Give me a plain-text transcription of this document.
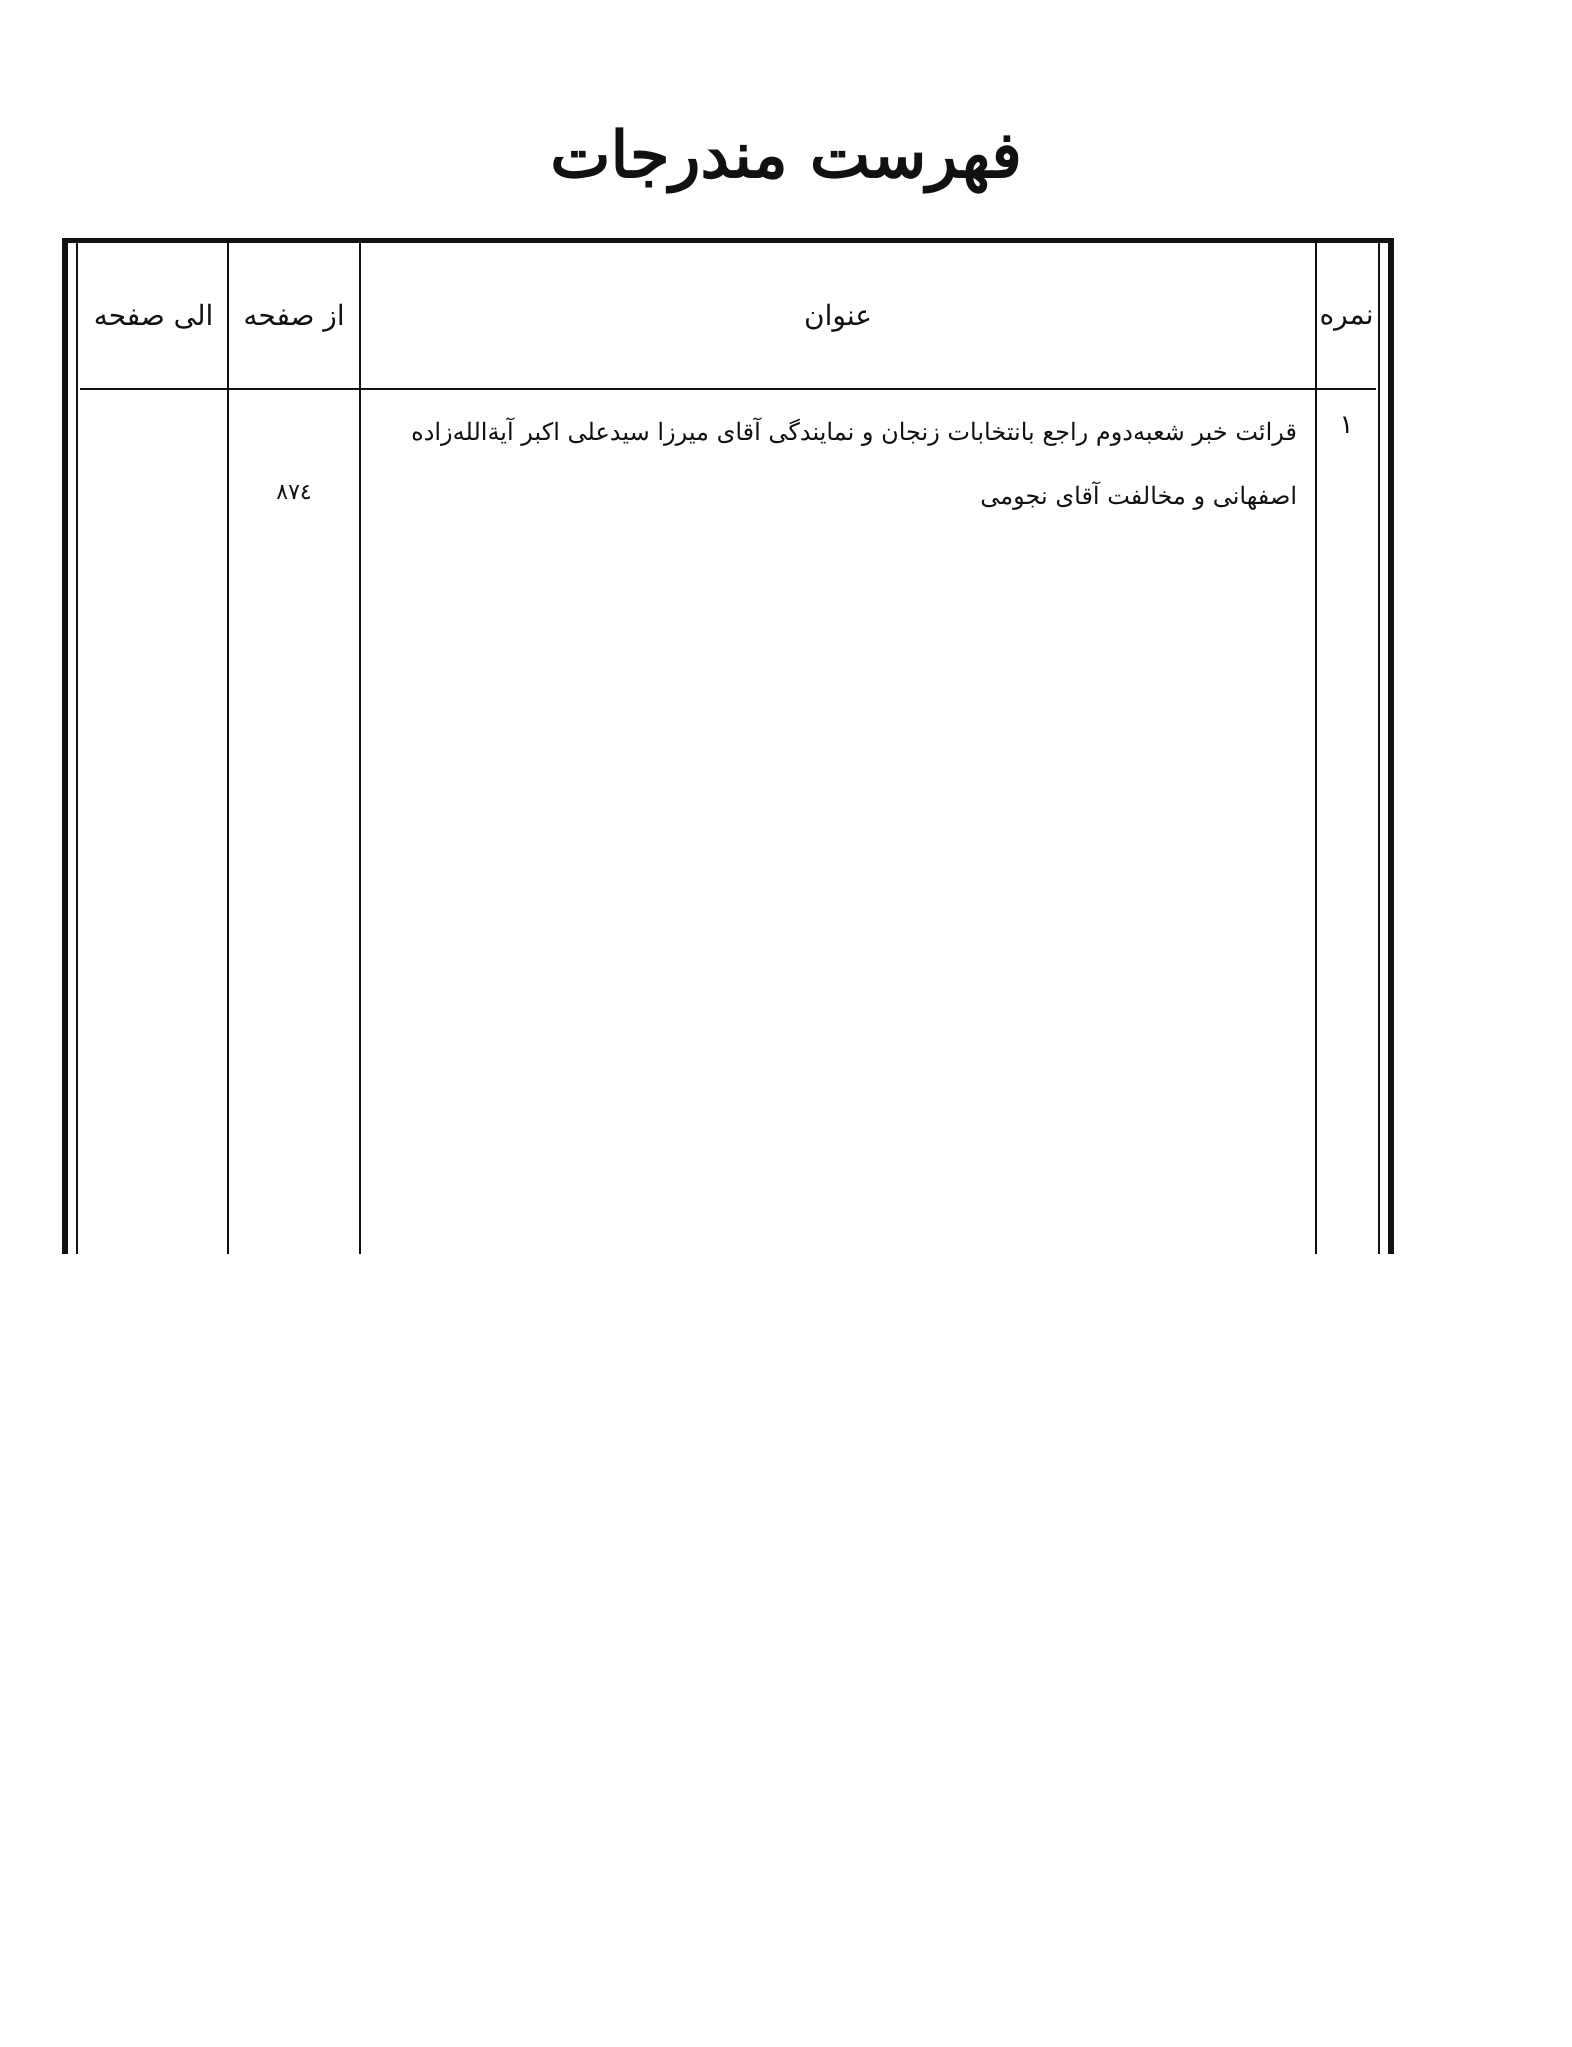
فهرست مندرجات
نمره	عنوان	از صفحه	الی صفحه
١	قرائت خبر شعبه‌دوم راجع بانتخابات زنجان و نمایندگی آقای میرزا سیدعلی اکبر آیة‌الله‌زاده
اصفهانی و مخالفت آقای نجومی	٨٧٤	
